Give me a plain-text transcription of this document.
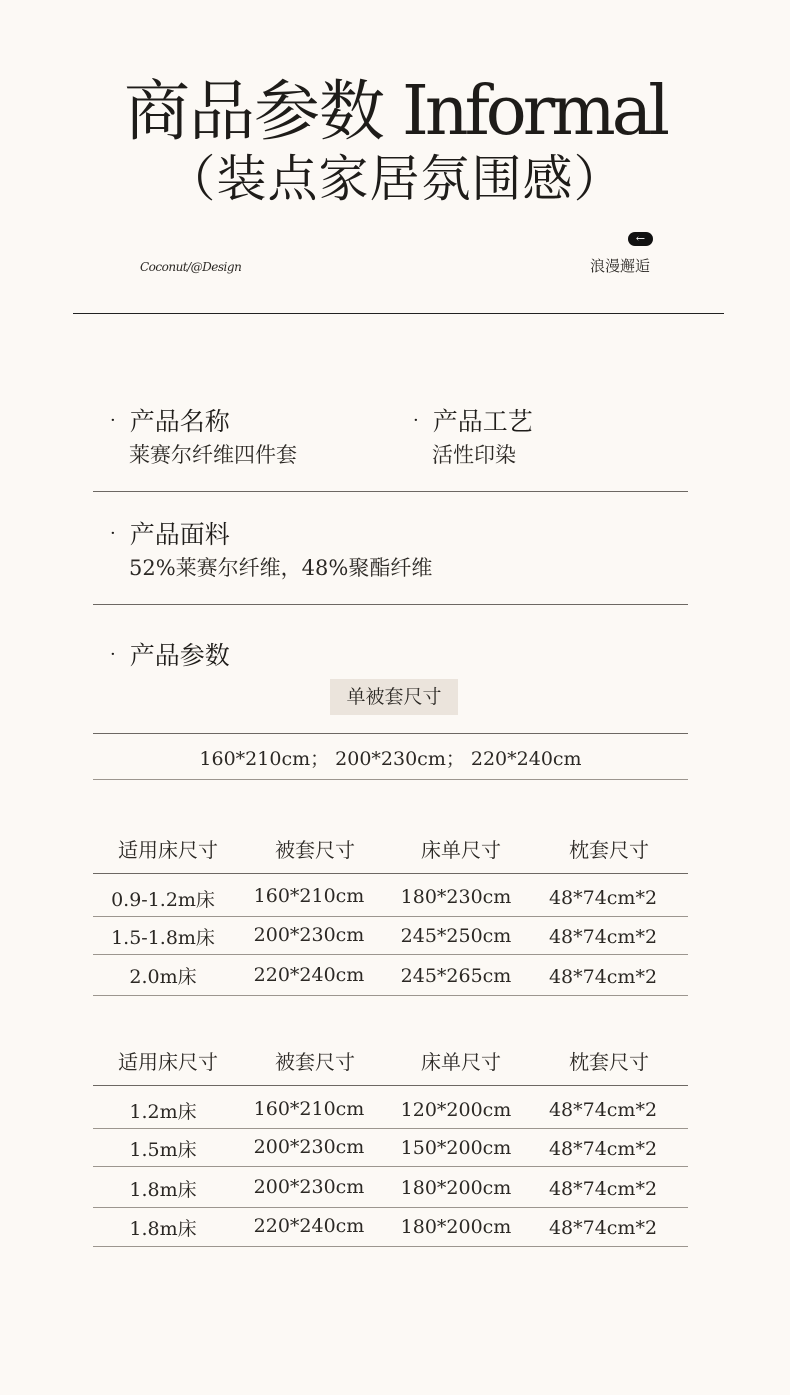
商品参数 Informal
（装点家居氛围感）
Coconut/@Design
←
浪漫邂逅
· 产品名称
莱赛尔纤维四件套
· 产品工艺
活性印染
· 产品面料
52%莱赛尔纤维，48%聚酯纤维
· 产品参数
单被套尺寸
160*210cm； 200*230cm； 220*240cm
适用床尺寸	被套尺寸	床单尺寸	枕套尺寸
0.9-1.2m床	160*210cm	180*230cm	48*74cm*2
1.5-1.8m床	200*230cm	245*250cm	48*74cm*2
2.0m床	220*240cm	245*265cm	48*74cm*2
适用床尺寸	被套尺寸	床单尺寸	枕套尺寸
1.2m床	160*210cm	120*200cm	48*74cm*2
1.5m床	200*230cm	150*200cm	48*74cm*2
1.8m床	200*230cm	180*200cm	48*74cm*2
1.8m床	220*240cm	180*200cm	48*74cm*2
